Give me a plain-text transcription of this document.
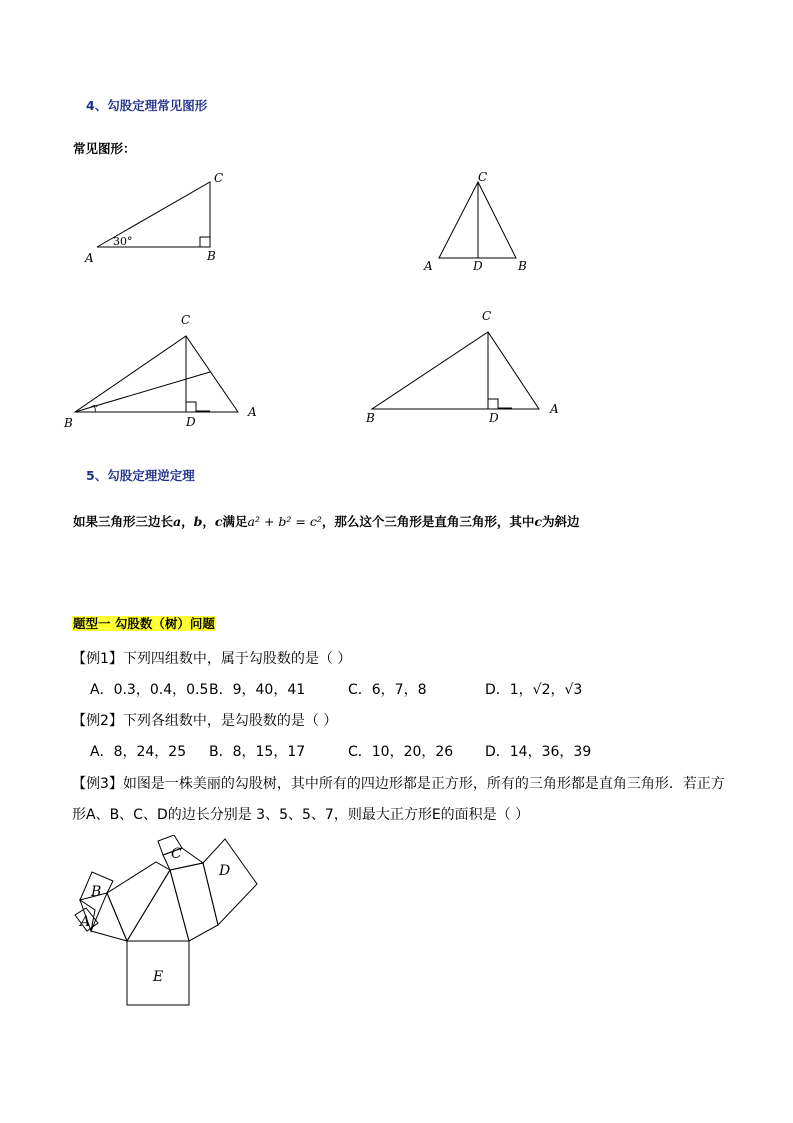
4、勾股定理常见图形
常见图形：
C
A	B
30°
C
A	D	B
C
B	D
A
C
B	D
A
5、勾股定理逆定理
如果三角形三边长a，b，c满足a² + b² = c²，那么这个三角形是直角三角形，其中c为斜边
题型一 勾股数（树）问题
【例1】下列四组数中，属于勾股数的是（ ）
A．0.3，0.4，0.5 B．9，40，41	C．6，7，8	D．1，√2，√3
【例2】下列各组数中，是勾股数的是（ ）
A．8，24，25 B．8，15，17	C．10，20，26 D．14，36，39
【例3】如图是一株美丽的勾股树，其中所有的四边形都是正方形，所有的三角形都是直角三角形．若正方
形A、B、C、D的边长分别是 3、5、5、7，则最大正方形E的面积是（ ）
E
C
D
B
A
